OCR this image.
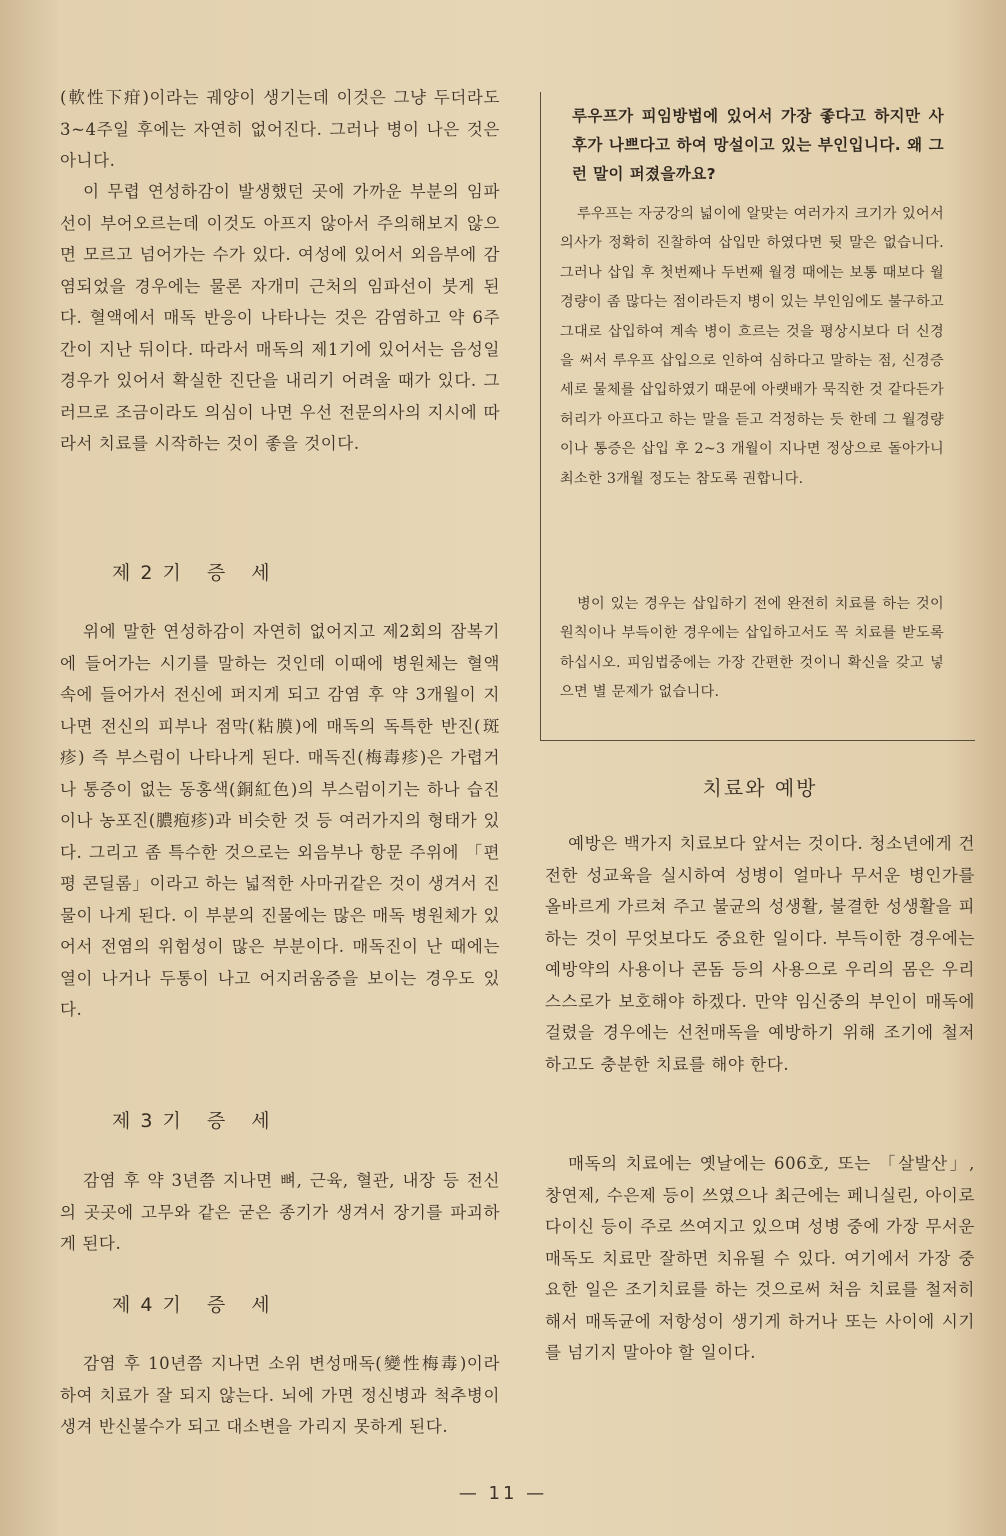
(軟性下疳)이라는 궤양이 생기는데 이것은 그냥 두더라도 3~4주일 후에는 자연히 없어진다. 그러나 병이 나은 것은 아니다.

이 무렵 연성하감이 발생했던 곳에 가까운 부분의 임파선이 부어오르는데 이것도 아프지 않아서 주의해보지 않으면 모르고 넘어가는 수가 있다. 여성에 있어서 외음부에 감염되었을 경우에는 물론 자개미 근처의 임파선이 붓게 된다. 혈액에서 매독 반응이 나타나는 것은 감염하고 약 6주간이 지난 뒤이다. 따라서 매독의 제1기에 있어서는 음성일 경우가 있어서 확실한 진단을 내리기 어려울 때가 있다. 그러므로 조금이라도 의심이 나면 우선 전문의사의 지시에 따라서 치료를 시작하는 것이 좋을 것이다.

제2기 증 세

위에 말한 연성하감이 자연히 없어지고 제2회의 잠복기에 들어가는 시기를 말하는 것인데 이때에 병원체는 혈액 속에 들어가서 전신에 퍼지게 되고 감염 후 약 3개월이 지나면 전신의 피부나 점막(粘膜)에 매독의 독특한 반진(斑疹) 즉 부스럼이 나타나게 된다. 매독진(梅毒疹)은 가렵거나 통증이 없는 동홍색(銅紅色)의 부스럼이기는 하나 습진이나 농포진(膿疱疹)과 비슷한 것 등 여러가지의 형태가 있다. 그리고 좀 특수한 것으로는 외음부나 항문 주위에 「편평 콘딜롬」이라고 하는 넓적한 사마귀같은 것이 생겨서 진물이 나게 된다. 이 부분의 진물에는 많은 매독 병원체가 있어서 전염의 위험성이 많은 부분이다. 매독진이 난 때에는 열이 나거나 두통이 나고 어지러움증을 보이는 경우도 있다.

제3기 증 세

감염 후 약 3년쯤 지나면 뼈, 근육, 혈관, 내장 등 전신의 곳곳에 고무와 같은 굳은 종기가 생겨서 장기를 파괴하게 된다.

제4기 증 세

감염 후 10년쯤 지나면 소위 변성매독(變性梅毒)이라 하여 치료가 잘 되지 않는다. 뇌에 가면 정신병과 척추병이 생겨 반신불수가 되고 대소변을 가리지 못하게 된다.

루우프가 피임방법에 있어서 가장 좋다고 하지만 사후가 나쁘다고 하여 망설이고 있는 부인입니다. 왜 그런 말이 퍼졌을까요?

루우프는 자궁강의 넓이에 알맞는 여러가지 크기가 있어서 의사가 정확히 진찰하여 삽입만 하였다면 뒷 말은 없습니다. 그러나 삽입 후 첫번째나 두번째 월경 때에는 보통 때보다 월경량이 좀 많다는 점이라든지 병이 있는 부인임에도 불구하고 그대로 삽입하여 계속 병이 흐르는 것을 평상시보다 더 신경을 써서 루우프 삽입으로 인하여 심하다고 말하는 점, 신경증세로 물체를 삽입하였기 때문에 아랫배가 묵직한 것 같다든가 허리가 아프다고 하는 말을 듣고 걱정하는 듯 한데 그 월경량이나 통증은 삽입 후 2~3 개월이 지나면 정상으로 돌아가니 최소한 3개월 정도는 참도록 권합니다.

병이 있는 경우는 삽입하기 전에 완전히 치료를 하는 것이 원칙이나 부득이한 경우에는 삽입하고서도 꼭 치료를 받도록 하십시오. 피임법중에는 가장 간편한 것이니 확신을 갖고 넣으면 별 문제가 없습니다.

치료와 예방

예방은 백가지 치료보다 앞서는 것이다. 청소년에게 건전한 성교육을 실시하여 성병이 얼마나 무서운 병인가를 올바르게 가르쳐 주고 불균의 성생활, 불결한 성생활을 피하는 것이 무엇보다도 중요한 일이다. 부득이한 경우에는 예방약의 사용이나 콘돔 등의 사용으로 우리의 몸은 우리 스스로가 보호해야 하겠다. 만약 임신중의 부인이 매독에 걸렸을 경우에는 선천매독을 예방하기 위해 조기에 철저하고도 충분한 치료를 해야 한다.

매독의 치료에는 옛날에는 606호, 또는 「살발산」, 창연제, 수은제 등이 쓰였으나 최근에는 페니실린, 아이로다이신 등이 주로 쓰여지고 있으며 성병 중에 가장 무서운 매독도 치료만 잘하면 치유될 수 있다. 여기에서 가장 중요한 일은 조기치료를 하는 것으로써 처음 치료를 철저히 해서 매독균에 저항성이 생기게 하거나 또는 사이에 시기를 넘기지 말아야 할 일이다.

— 11 —
